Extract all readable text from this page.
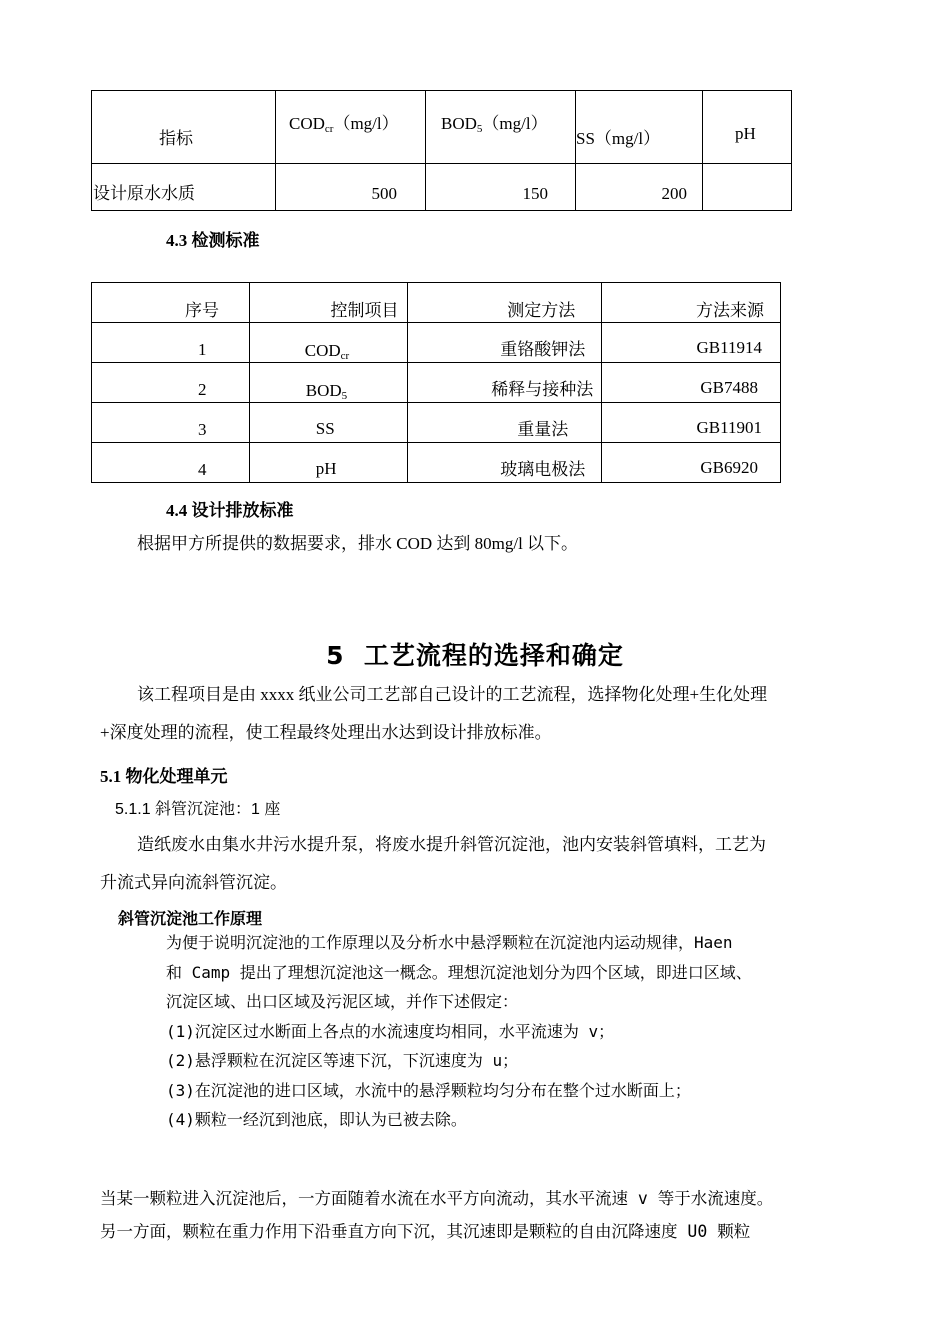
指标	$COD_{cr}(mg/l)$	$BOD_5(mg/l)$	SS（mg/l）	pH

设计原水水质	500	150	200	

4.3 检测标准
序号	控制项目	测定方法	方法来源

1	$COD_{cr}$	重铬酸钾法	GB11914

2	$BOD_5$	稀释与接种法	GB7488

3	SS	重量法	GB11901

4	pH	玻璃电极法	GB6920
4.4 设计排放标准
根据甲方所提供的数据要求，排水 COD 达到 80mg/l 以下。
5  工艺流程的选择和确定
该工程项目是由 xxxx 纸业公司工艺部自己设计的工艺流程，选择物化处理+生化处理
+深度处理的流程，使工程最终处理出水达到设计排放标准。
5.1 物化处理单元
5.1.1 斜管沉淀池：1 座
造纸废水由集水井污水提升泵，将废水提升斜管沉淀池，池内安装斜管填料，工艺为
升流式异向流斜管沉淀。
斜管沉淀池工作原理
为便于说明沉淀池的工作原理以及分析水中悬浮颗粒在沉淀池内运动规律，Haen
和 Camp 提出了理想沉淀池这一概念。理想沉淀池划分为四个区域，即进口区域、
沉淀区域、出口区域及污泥区域，并作下述假定：
(1)沉淀区过水断面上各点的水流速度均相同，水平流速为 v；
(2)悬浮颗粒在沉淀区等速下沉，下沉速度为 u；
(3)在沉淀池的进口区域，水流中的悬浮颗粒均匀分布在整个过水断面上；
(4)颗粒一经沉到池底，即认为已被去除。
当某一颗粒进入沉淀池后，一方面随着水流在水平方向流动，其水平流速 v 等于水流速度。
另一方面，颗粒在重力作用下沿垂直方向下沉，其沉速即是颗粒的自由沉降速度 U0 颗粒
